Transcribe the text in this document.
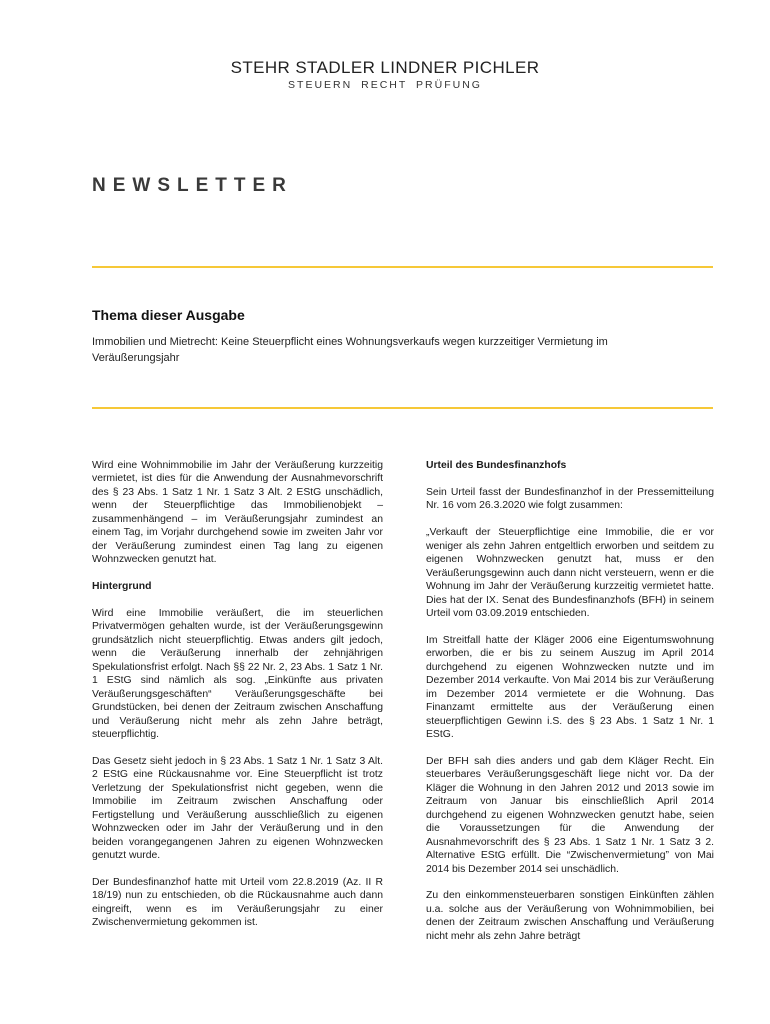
STEHR STADLER LINDNER PICHLER
STEUERN RECHT PRÜFUNG
NEWSLETTER
Thema dieser Ausgabe
Immobilien und Mietrecht: Keine Steuerpflicht eines Wohnungsverkaufs wegen kurzzeitiger Vermietung im Veräußerungsjahr

Wird eine Wohnimmobilie im Jahr der Veräußerung kurzzeitig vermietet, ist dies für die Anwendung der Ausnahmevorschrift des § 23 Abs. 1 Satz 1 Nr. 1 Satz 3 Alt. 2 EStG unschädlich, wenn der Steuerpflichtige das Immobilienobjekt – zusammenhängend – im Veräußerungsjahr zumindest an einem Tag, im Vorjahr durchgehend sowie im zweiten Jahr vor der Veräußerung zumindest einen Tag lang zu eigenen Wohnzwecken genutzt hat.

Hintergrund

Wird eine Immobilie veräußert, die im steuerlichen Privatvermögen gehalten wurde, ist der Veräußerungsgewinn grundsätzlich nicht steuerpflichtig. Etwas anders gilt jedoch, wenn die Veräußerung innerhalb der zehnjährigen Spekulationsfrist erfolgt. Nach §§ 22 Nr. 2, 23 Abs. 1 Satz 1 Nr. 1 EStG sind nämlich als sog. „Einkünfte aus privaten Veräußerungsgeschäften“ Veräußerungsgeschäfte bei Grundstücken, bei denen der Zeitraum zwischen Anschaffung und Veräußerung nicht mehr als zehn Jahre beträgt, steuerpflichtig.

Das Gesetz sieht jedoch in § 23 Abs. 1 Satz 1 Nr. 1 Satz 3 Alt. 2 EStG eine Rückausnahme vor. Eine Steuerpflicht ist trotz Verletzung der Spekulationsfrist nicht gegeben, wenn die Immobilie im Zeitraum zwischen Anschaffung oder Fertigstellung und Veräußerung ausschließlich zu eigenen Wohnzwecken oder im Jahr der Veräußerung und in den beiden vorangegangenen Jahren zu eigenen Wohnzwecken genutzt wurde.

Der Bundesfinanzhof hatte mit Urteil vom 22.8.2019 (Az. II R 18/19) nun zu entschieden, ob die Rückausnahme auch dann eingreift, wenn es im Veräußerungsjahr zu einer Zwischenvermietung gekommen ist.

Urteil des Bundesfinanzhofs

Sein Urteil fasst der Bundesfinanzhof in der Pressemitteilung Nr. 16 vom 26.3.2020 wie folgt zusammen:

„Verkauft der Steuerpflichtige eine Immobilie, die er vor weniger als zehn Jahren entgeltlich erworben und seitdem zu eigenen Wohnzwecken genutzt hat, muss er den Veräußerungsgewinn auch dann nicht versteuern, wenn er die Wohnung im Jahr der Veräußerung kurzzeitig vermietet hatte. Dies hat der IX. Senat des Bundesfinanzhofs (BFH) in seinem Urteil vom 03.09.2019 entschieden.

Im Streitfall hatte der Kläger 2006 eine Eigentumswohnung erworben, die er bis zu seinem Auszug im April 2014 durchgehend zu eigenen Wohnzwecken nutzte und im Dezember 2014 verkaufte. Von Mai 2014 bis zur Veräußerung im Dezember 2014 vermietete er die Wohnung. Das Finanzamt ermittelte aus der Veräußerung einen steuerpflichtigen Gewinn i.S. des § 23 Abs. 1 Satz 1 Nr. 1 EStG.

Der BFH sah dies anders und gab dem Kläger Recht. Ein steuerbares Veräußerungsgeschäft liege nicht vor. Da der Kläger die Wohnung in den Jahren 2012 und 2013 sowie im Zeitraum von Januar bis einschließlich April 2014 durchgehend zu eigenen Wohnzwecken genutzt habe, seien die Voraussetzungen für die Anwendung der Ausnahmevorschrift des § 23 Abs. 1 Satz 1 Nr. 1 Satz 3 2. Alternative EStG erfüllt. Die “Zwischenvermietung” von Mai 2014 bis Dezember 2014 sei unschädlich.

Zu den einkommensteuerbaren sonstigen Einkünften zählen u.a. solche aus der Veräußerung von Wohnimmobilien, bei denen der Zeitraum zwischen Anschaffung und Veräußerung nicht mehr als zehn Jahre beträgt
